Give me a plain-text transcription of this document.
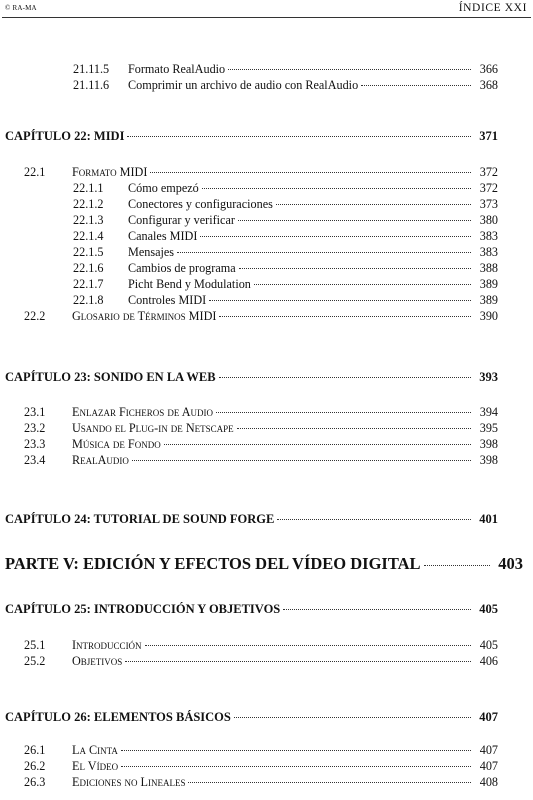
© RA-MA	ÍNDICE XXI
21.11.5	Formato RealAudio	366
21.11.6	Comprimir un archivo de audio con RealAudio	368
CAPÍTULO 22: MIDI	371
22.1	Formato MIDI	372
22.1.1	Cómo empezó	372
22.1.2	Conectores y configuraciones	373
22.1.3	Configurar y verificar	380
22.1.4	Canales MIDI	383
22.1.5	Mensajes	383
22.1.6	Cambios de programa	388
22.1.7	Picht Bend y Modulation	389
22.1.8	Controles MIDI	389
22.2	Glosario de Términos MIDI	390
CAPÍTULO 23: SONIDO EN LA WEB	393
23.1	Enlazar Ficheros de Audio	394
23.2	Usando el Plug-in de Netscape	395
23.3	Música de Fondo	398
23.4	RealAudio	398
CAPÍTULO 24: TUTORIAL DE SOUND FORGE	401
PARTE V: EDICIÓN Y EFECTOS DEL VÍDEO DIGITAL	403
CAPÍTULO 25: INTRODUCCIÓN Y OBJETIVOS	405
25.1	Introducción	405
25.2	Objetivos	406
CAPÍTULO 26: ELEMENTOS BÁSICOS	407
26.1	La Cinta	407
26.2	El Vídeo	407
26.3	Ediciones no Lineales	408
